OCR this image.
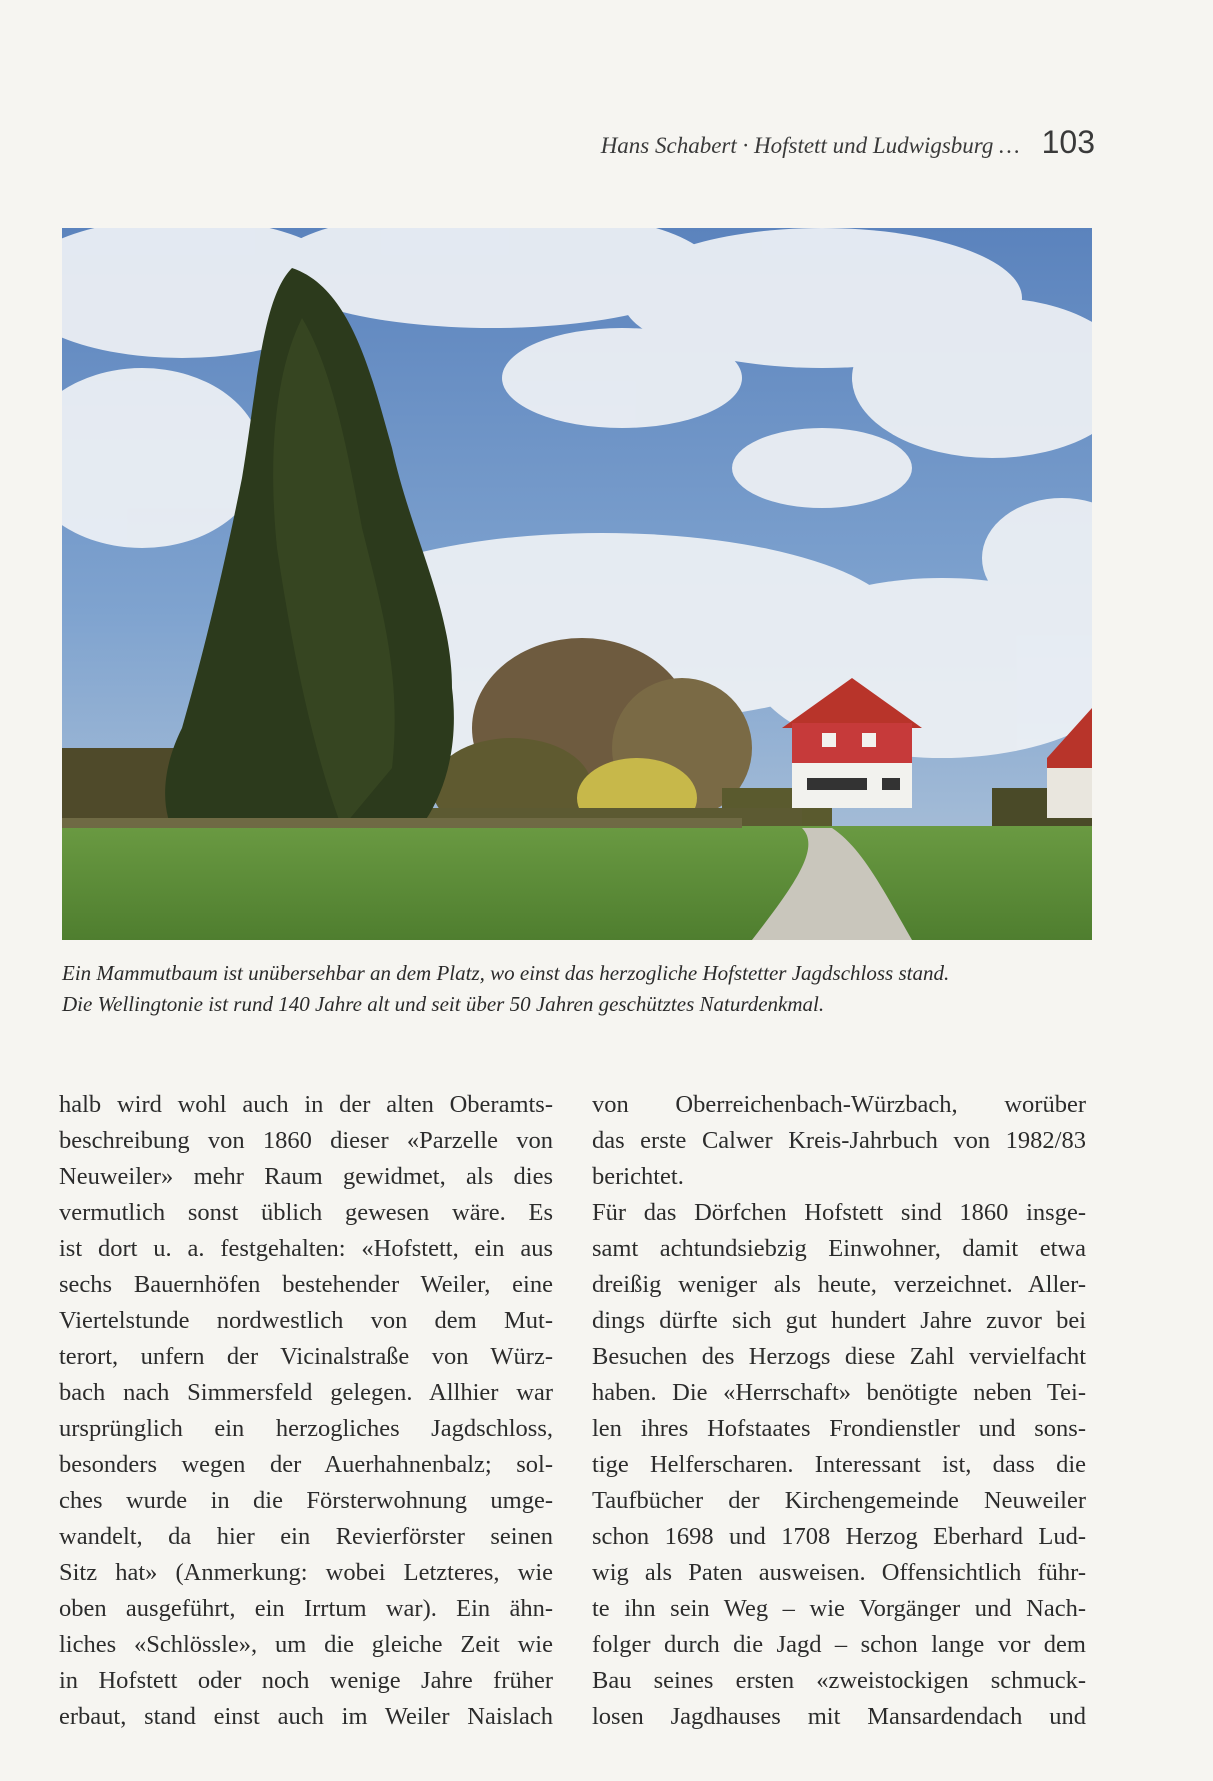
Hans Schabert · Hofstett und Ludwigsburg … 103

Ein Mammutbaum ist unübersehbar an dem Platz, wo einst das herzogliche Hofstetter Jagdschloss stand.

Die Wellingtonie ist rund 140 Jahre alt und seit über 50 Jahren geschütztes Naturdenkmal.

halb wird wohl auch in der alten Oberamts-
beschreibung von 1860 dieser «Parzelle von
Neuweiler» mehr Raum gewidmet, als dies
vermutlich sonst üblich gewesen wäre. Es
ist dort u. a. festgehalten: «Hofstett, ein aus
sechs Bauernhöfen bestehender Weiler, eine
Viertelstunde nordwestlich von dem Mut-
terort, unfern der Vicinalstraße von Würz-
bach nach Simmersfeld gelegen. Allhier war
ursprünglich ein herzogliches Jagdschloss,
besonders wegen der Auerhahnenbalz; sol-
ches wurde in die Försterwohnung umge-
wandelt, da hier ein Revierförster seinen
Sitz hat» (Anmerkung: wobei Letzteres, wie
oben ausgeführt, ein Irrtum war). Ein ähn-
liches «Schlössle», um die gleiche Zeit wie
in Hofstett oder noch wenige Jahre früher
erbaut, stand einst auch im Weiler Naislach
von Oberreichenbach-Würzbach, worüber
das erste Calwer Kreis-Jahrbuch von 1982/83
berichtet.
Für das Dörfchen Hofstett sind 1860 insge-
samt achtundsiebzig Einwohner, damit etwa
dreißig weniger als heute, verzeichnet. Aller-
dings dürfte sich gut hundert Jahre zuvor bei
Besuchen des Herzogs diese Zahl vervielfacht
haben. Die «Herrschaft» benötigte neben Tei-
len ihres Hofstaates Frondienstler und sons-
tige Helferscharen. Interessant ist, dass die
Taufbücher der Kirchengemeinde Neuweiler
schon 1698 und 1708 Herzog Eberhard Lud-
wig als Paten ausweisen. Offensichtlich führ-
te ihn sein Weg – wie Vorgänger und Nach-
folger durch die Jagd – schon lange vor dem
Bau seines ersten «zweistockigen schmuck-
losen Jagdhauses mit Mansardendach und
